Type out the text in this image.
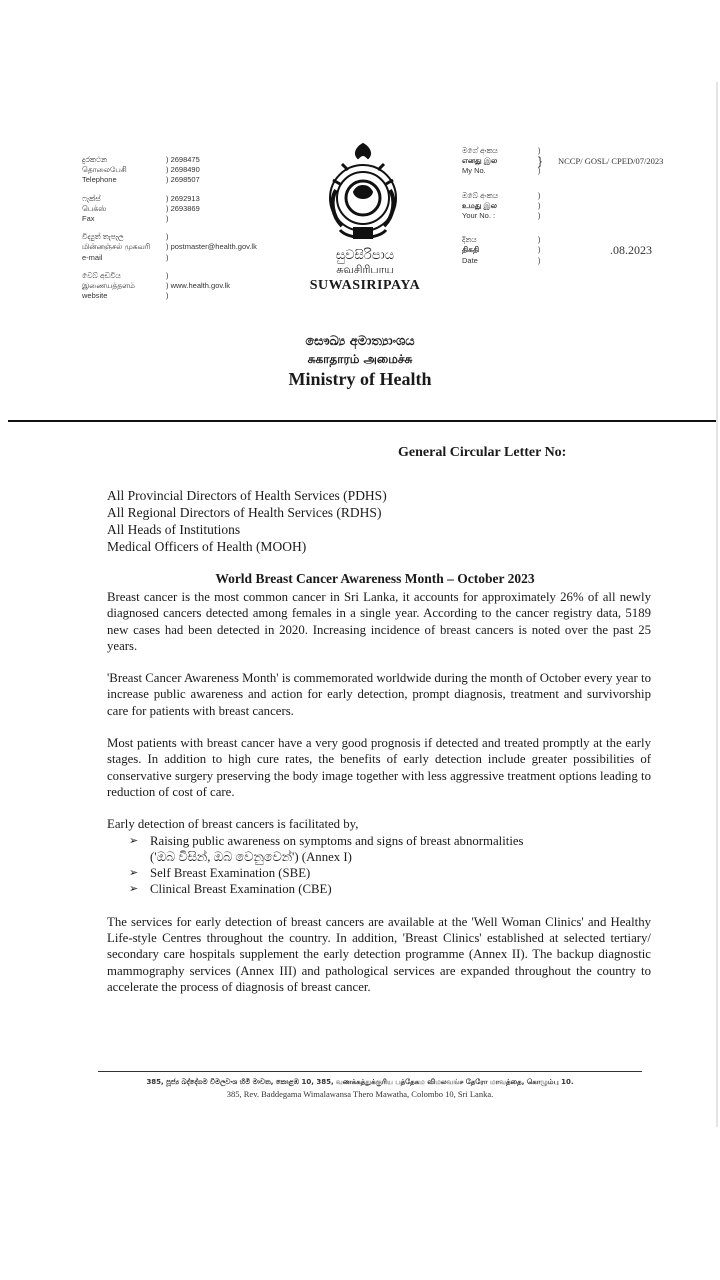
දුරකථන	) 2698475
தொலைபேசி	) 2698490
Telephone	) 2698507
ෆැක්ස්	) 2692913
பெக்ஸ்	) 2693869
Fax	)
විද්‍යුත් තැපෑල	)
மின்னஞ்சல் முகவரி	) postmaster@health.gov.lk
e-mail	)
වෙබ් අඩවිය	)
இணையத்தளம்	) www.health.gov.lk
website	)
සුවසිරිපාය
சுவசிரிபாய
SUWASIRIPAYA
මගේ අංකය	)
எனது இல	}	NCCP/ GOSL/ CPED/07/2023
My No.	)
ඔබේ අංකය	)
உமது இல	)
Your No. :	)
දිනය	)
திகதி	)	.08.2023
Date	)
සෞඛ්‍ය අමාත්‍යාංශය
சுகாதாரம் அமைச்சு
Ministry of Health
General Circular Letter No:
All Provincial Directors of Health Services (PDHS)
All Regional Directors of Health Services (RDHS)
All Heads of Institutions
Medical Officers of Health (MOOH)
World Breast Cancer Awareness Month – October 2023

Breast cancer is the most common cancer in Sri Lanka, it accounts for approximately 26% of all newly diagnosed cancers detected among females in a single year. According to the cancer registry data, 5189 new cases had been detected in 2020. Increasing incidence of breast cancers is noted over the past 25 years.

'Breast Cancer Awareness Month' is commemorated worldwide during the month of October every year to increase public awareness and action for early detection, prompt diagnosis, treatment and survivorship care for patients with breast cancers.

Most patients with breast cancer have a very good prognosis if detected and treated promptly at the early stages. In addition to high cure rates, the benefits of early detection include greater possibilities of conservative surgery preserving the body image together with less aggressive treatment options leading to reduction of cost of care.

Early detection of breast cancers is facilitated by,

➢ Raising public awareness on symptoms and signs of breast abnormalities
('ඔබ විසින්, ඔබ වෙනුවෙන්') (Annex I)
➢ Self Breast Examination (SBE)
➢ Clinical Breast Examination (CBE)

The services for early detection of breast cancers are available at the 'Well Woman Clinics' and Healthy Life-style Centres throughout the country. In addition, 'Breast Clinics' established at selected tertiary/ secondary care hospitals supplement the early detection programme (Annex II). The backup diagnostic mammography services (Annex III) and pathological services are expanded throughout the country to accelerate the process of diagnosis of breast cancer.

385, පූජ්‍ය බද්දේගම විමලවංශ හිමි මාවත, කොළඹ 10, 385, வணக்கத்துக்குரிய பத்தேகம விமலவங்ச தேரோ மாவத்தை, கொழும்பு 10.
385, Rev. Baddegama Wimalawansa Thero Mawatha, Colombo 10, Sri Lanka.
